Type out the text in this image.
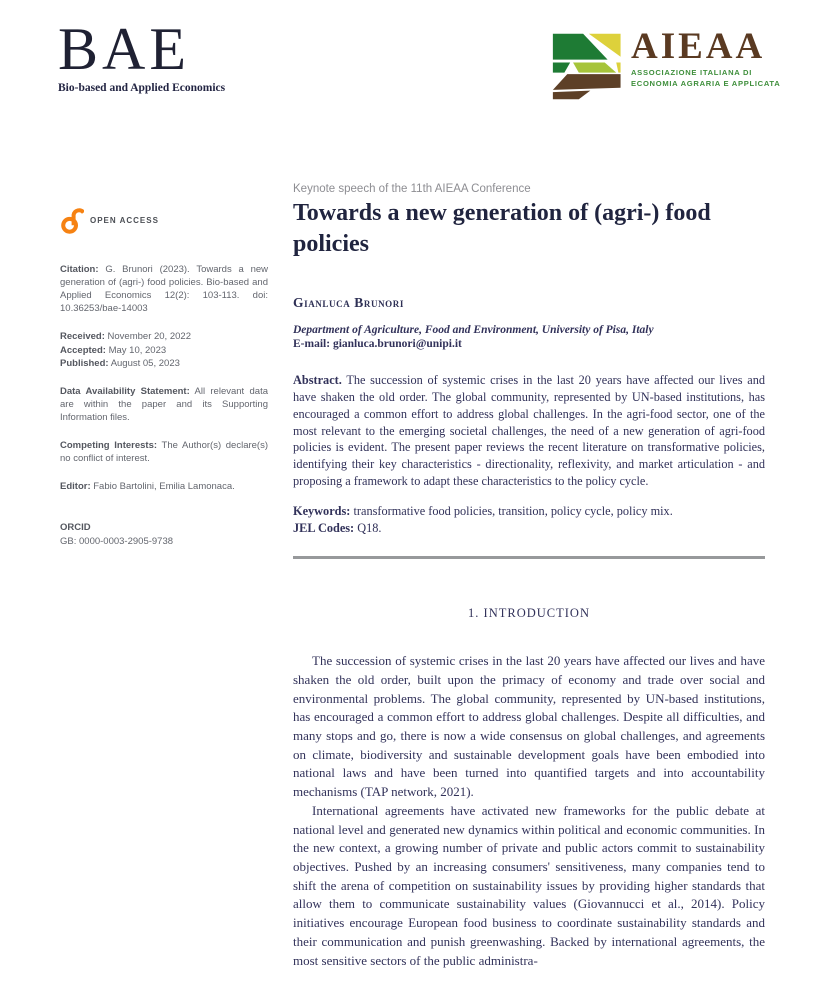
BAE
Bio-based and Applied Economics
AIEAA
ASSOCIAZIONE ITALIANA DI
ECONOMIA AGRARIA E APPLICATA
OPEN ACCESS

Citation: G. Brunori (2023). Towards a new generation of (agri-) food policies. Bio-based and Applied Economics 12(2): 103-113. doi: 10.36253/bae-14003

Received: November 20, 2022
Accepted: May 10, 2023
Published: August 05, 2023

Data Availability Statement: All relevant data are within the paper and its Supporting Information files.

Competing Interests: The Author(s) declare(s) no conflict of interest.

Editor: Fabio Bartolini, Emilia Lamonaca.

ORCID
GB: 0000-0003-2905-9738
Keynote speech of the 11th AIEAA Conference
Towards a new generation of (agri-) food policies
Gianluca Brunori

Department of Agriculture, Food and Environment, University of Pisa, Italy

E-mail: gianluca.brunori@unipi.it

Abstract. The succession of systemic crises in the last 20 years have affected our lives and have shaken the old order. The global community, represented by UN-based institutions, has encouraged a common effort to address global challenges. In the agri-food sector, one of the most relevant to the emerging societal challenges, the need of a new generation of agri-food policies is evident. The present paper reviews the recent literature on transformative policies, identifying their key characteristics - directionality, reflexivity, and market articulation - and proposing a framework to adapt these characteristics to the policy cycle.

Keywords: transformative food policies, transition, policy cycle, policy mix.

JEL Codes: Q18.

1. INTRODUCTION

The succession of systemic crises in the last 20 years have affected our lives and have shaken the old order, built upon the primacy of economy and trade over social and environmental problems. The global community, represented by UN-based institutions, has encouraged a common effort to address global challenges. Despite all difficulties, and many stops and go, there is now a wide consensus on global challenges, and agreements on climate, biodiversity and sustainable development goals have been embodied into national laws and have been turned into quantified targets and into accountability mechanisms (TAP network, 2021).

International agreements have activated new frameworks for the public debate at national level and generated new dynamics within political and economic communities. In the new context, a growing number of private and public actors commit to sustainability objectives. Pushed by an increasing consumers' sensitiveness, many companies tend to shift the arena of competition on sustainability issues by providing higher standards that allow them to communicate sustainability values (Giovannucci et al., 2014). Policy initiatives encourage European food business to coordinate sustainability standards and their communication and punish greenwashing. Backed by international agreements, the most sensitive sectors of the public administra-
